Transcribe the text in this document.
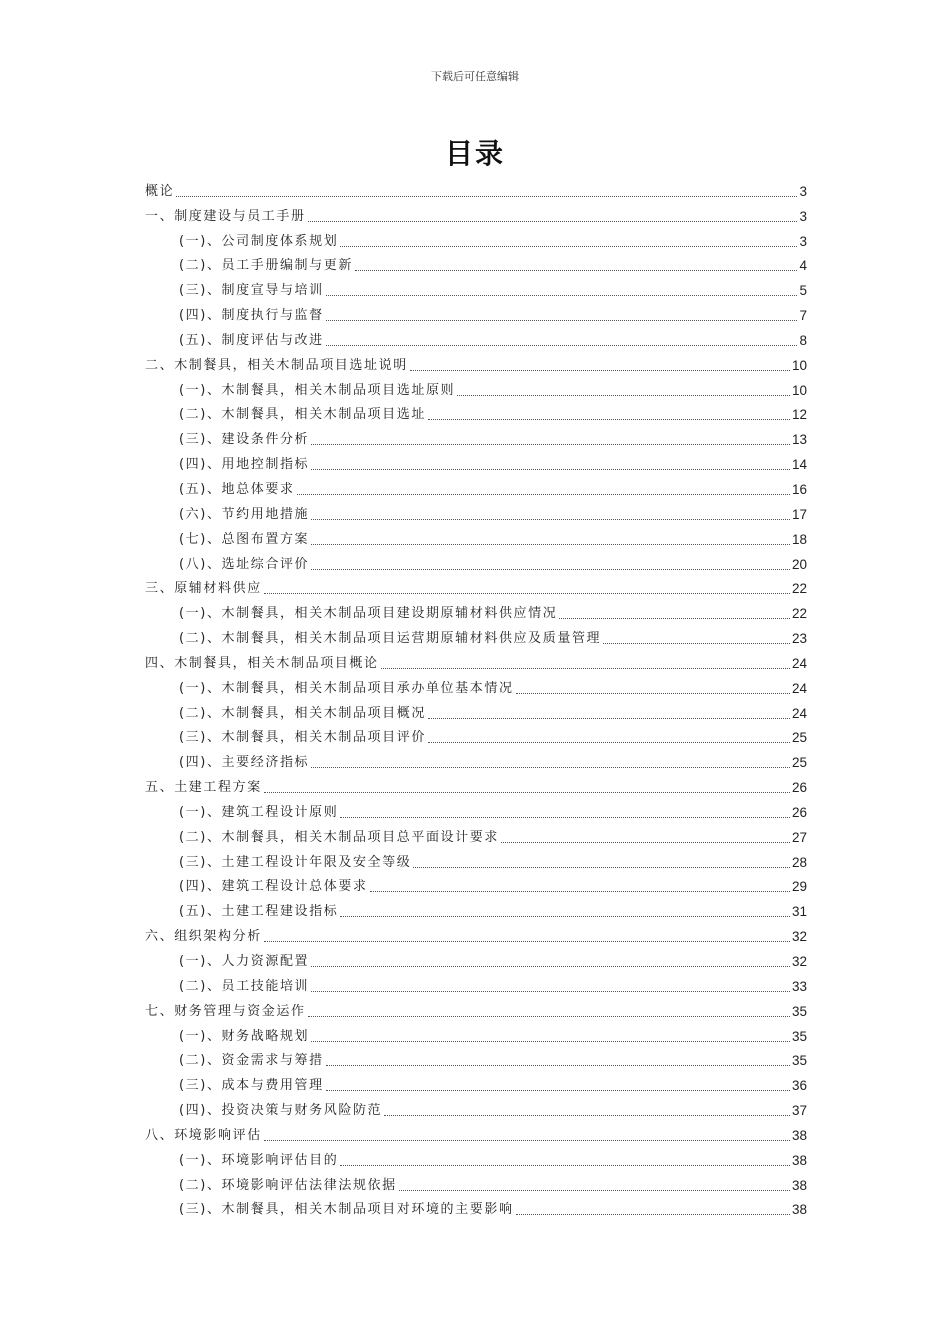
下载后可任意编辑
目录
概论	3
一、制度建设与员工手册	3
(一)、公司制度体系规划	3
(二)、员工手册编制与更新	4
(三)、制度宣导与培训	5
(四)、制度执行与监督	7
(五)、制度评估与改进	8
二、木制餐具，相关木制品项目选址说明	10
(一)、木制餐具，相关木制品项目选址原则	10
(二)、木制餐具，相关木制品项目选址	12
(三)、建设条件分析	13
(四)、用地控制指标	14
(五)、地总体要求	16
(六)、节约用地措施	17
(七)、总图布置方案	18
(八)、选址综合评价	20
三、原辅材料供应	22
(一)、木制餐具，相关木制品项目建设期原辅材料供应情况	22
(二)、木制餐具，相关木制品项目运营期原辅材料供应及质量管理	23
四、木制餐具，相关木制品项目概论	24
(一)、木制餐具，相关木制品项目承办单位基本情况	24
(二)、木制餐具，相关木制品项目概况	24
(三)、木制餐具，相关木制品项目评价	25
(四)、主要经济指标	25
五、土建工程方案	26
(一)、建筑工程设计原则	26
(二)、木制餐具，相关木制品项目总平面设计要求	27
(三)、土建工程设计年限及安全等级	28
(四)、建筑工程设计总体要求	29
(五)、土建工程建设指标	31
六、组织架构分析	32
(一)、人力资源配置	32
(二)、员工技能培训	33
七、财务管理与资金运作	35
(一)、财务战略规划	35
(二)、资金需求与筹措	35
(三)、成本与费用管理	36
(四)、投资决策与财务风险防范	37
八、环境影响评估	38
(一)、环境影响评估目的	38
(二)、环境影响评估法律法规依据	38
(三)、木制餐具，相关木制品项目对环境的主要影响	38
